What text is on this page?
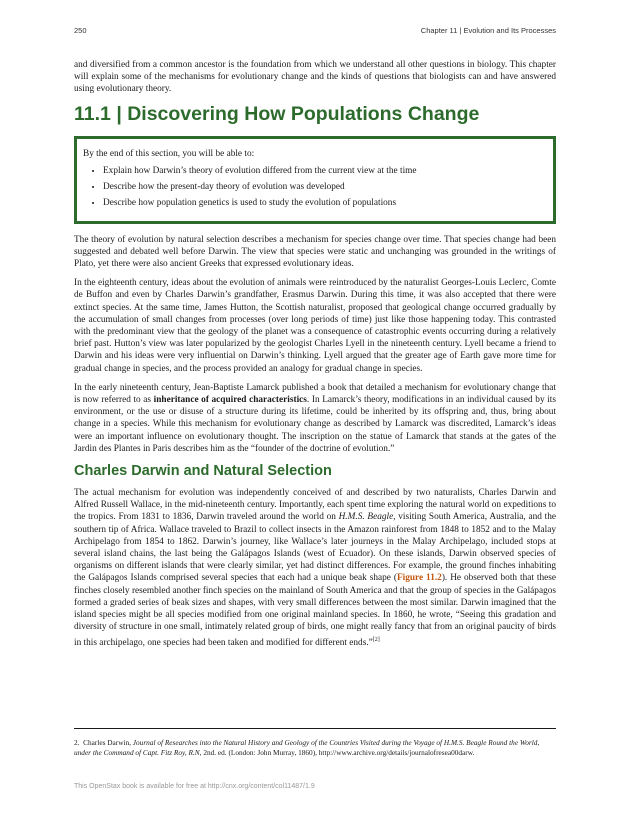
250	Chapter 11 | Evolution and Its Processes

and diversified from a common ancestor is the foundation from which we understand all other questions in biology. This chapter will explain some of the mechanisms for evolutionary change and the kinds of questions that biologists can and have answered using evolutionary theory.

11.1 | Discovering How Populations Change

By the end of this section, you will be able to:

• Explain how Darwin’s theory of evolution differed from the current view at the time
• Describe how the present-day theory of evolution was developed
• Describe how population genetics is used to study the evolution of populations

The theory of evolution by natural selection describes a mechanism for species change over time. That species change had been suggested and debated well before Darwin. The view that species were static and unchanging was grounded in the writings of Plato, yet there were also ancient Greeks that expressed evolutionary ideas.

In the eighteenth century, ideas about the evolution of animals were reintroduced by the naturalist Georges-Louis Leclerc, Comte de Buffon and even by Charles Darwin’s grandfather, Erasmus Darwin. During this time, it was also accepted that there were extinct species. At the same time, James Hutton, the Scottish naturalist, proposed that geological change occurred gradually by the accumulation of small changes from processes (over long periods of time) just like those happening today. This contrasted with the predominant view that the geology of the planet was a consequence of catastrophic events occurring during a relatively brief past. Hutton’s view was later popularized by the geologist Charles Lyell in the nineteenth century. Lyell became a friend to Darwin and his ideas were very influential on Darwin’s thinking. Lyell argued that the greater age of Earth gave more time for gradual change in species, and the process provided an analogy for gradual change in species.

In the early nineteenth century, Jean-Baptiste Lamarck published a book that detailed a mechanism for evolutionary change that is now referred to as inheritance of acquired characteristics. In Lamarck’s theory, modifications in an individual caused by its environment, or the use or disuse of a structure during its lifetime, could be inherited by its offspring and, thus, bring about change in a species. While this mechanism for evolutionary change as described by Lamarck was discredited, Lamarck’s ideas were an important influence on evolutionary thought. The inscription on the statue of Lamarck that stands at the gates of the Jardin des Plantes in Paris describes him as the “founder of the doctrine of evolution.”

Charles Darwin and Natural Selection

The actual mechanism for evolution was independently conceived of and described by two naturalists, Charles Darwin and Alfred Russell Wallace, in the mid-nineteenth century. Importantly, each spent time exploring the natural world on expeditions to the tropics. From 1831 to 1836, Darwin traveled around the world on H.M.S. Beagle, visiting South America, Australia, and the southern tip of Africa. Wallace traveled to Brazil to collect insects in the Amazon rainforest from 1848 to 1852 and to the Malay Archipelago from 1854 to 1862. Darwin’s journey, like Wallace’s later journeys in the Malay Archipelago, included stops at several island chains, the last being the Galápagos Islands (west of Ecuador). On these islands, Darwin observed species of organisms on different islands that were clearly similar, yet had distinct differences. For example, the ground finches inhabiting the Galápagos Islands comprised several species that each had a unique beak shape (Figure 11.2). He observed both that these finches closely resembled another finch species on the mainland of South America and that the group of species in the Galápagos formed a graded series of beak sizes and shapes, with very small differences between the most similar. Darwin imagined that the island species might be all species modified from one original mainland species. In 1860, he wrote, “Seeing this gradation and diversity of structure in one small, intimately related group of birds, one might really fancy that from an original paucity of birds in this archipelago, one species had been taken and modified for different ends.”[2]

2. Charles Darwin, Journal of Researches into the Natural History and Geology of the Countries Visited during the Voyage of H.M.S. Beagle Round the World, under the Command of Capt. Fitz Roy, R.N, 2nd. ed. (London: John Murray, 1860), http://www.archive.org/details/journalofresea00darw.
This OpenStax book is available for free at http://cnx.org/content/col11487/1.9
